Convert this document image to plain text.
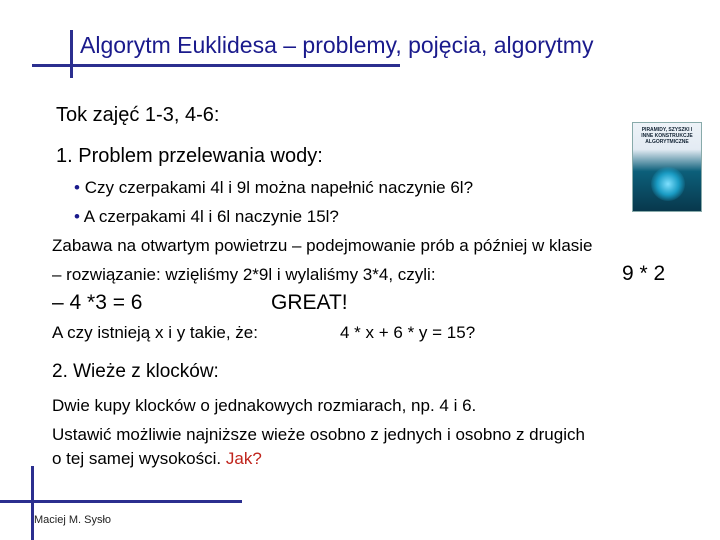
Algorytm Euklidesa – problemy, pojęcia, algorytmy
Tok zajęć 1-3, 4-6:
1. Problem przelewania wody:
• Czy czerpakami 4l i 9l można napełnić naczynie 6l?
• A czerpakami 4l i 6l naczynie 15l?
PIRAMIDY, SZYSZKI I INNE KONSTRUKCJE ALGORYTMICZNE
Zabawa na otwartym powietrzu – podejmowanie prób a później w klasie
– rozwiązanie: wzięliśmy 2*9l i wylaliśmy 3*4, czyli:	9 * 2
– 4 *3 = 6	GREAT!
A czy istnieją x i y takie, że:	4 * x + 6 * y = 15?
2. Wieże z klocków:
Dwie kupy klocków o jednakowych rozmiarach, np. 4 i 6.
Ustawić możliwie najniższe wieże osobno z jednych i osobno z drugich
o tej samej wysokości. Jak?
Maciej M. Sysło
